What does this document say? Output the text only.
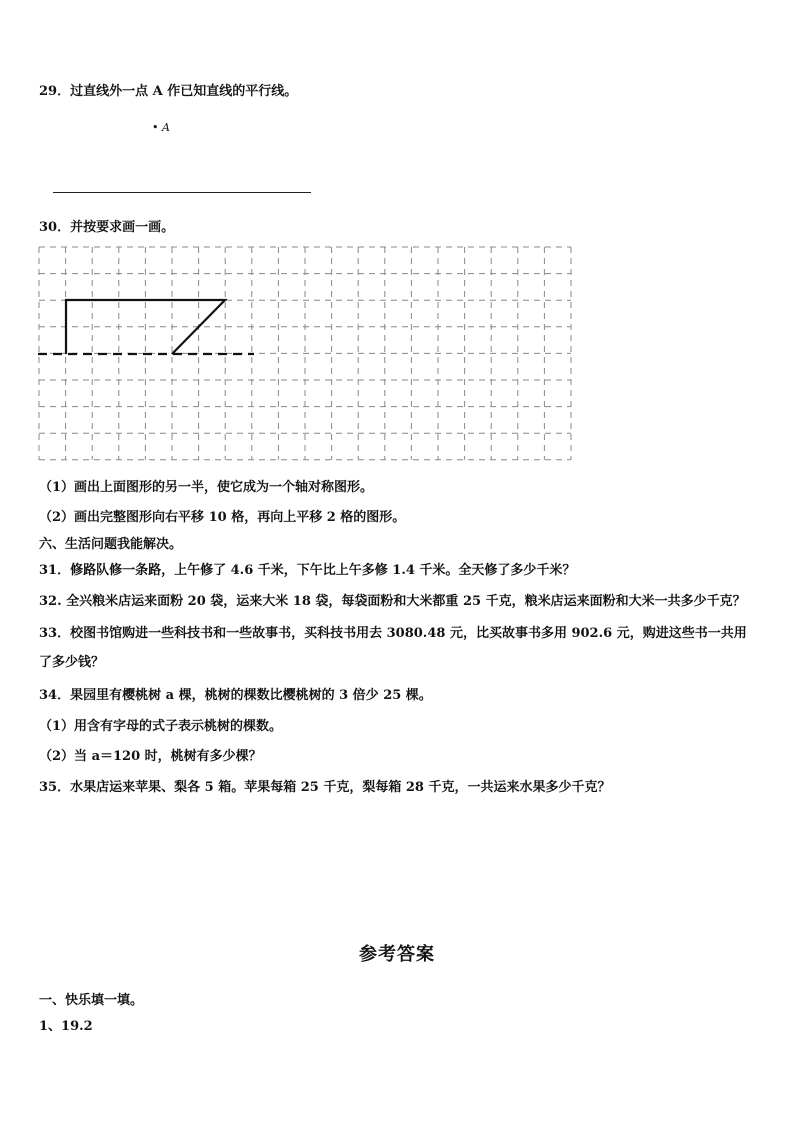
29．过直线外一点 A 作已知直线的平行线。
• A
30．并按要求画一画。
（1）画出上面图形的另一半，使它成为一个轴对称图形。
（2）画出完整图形向右平移 10 格，再向上平移 2 格的图形。
六、生活问题我能解决。
31．修路队修一条路，上午修了 4.6 千米，下午比上午多修 1.4 千米。全天修了多少千米？
32. 全兴粮米店运来面粉 20 袋，运来大米 18 袋，每袋面粉和大米都重 25 千克，粮米店运来面粉和大米一共多少千克？
33．校图书馆购进一些科技书和一些故事书，买科技书用去 3080.48 元，比买故事书多用 902.6 元，购进这些书一共用
了多少钱？
34．果园里有樱桃树 a 棵，桃树的棵数比樱桃树的 3 倍少 25 棵。
（1）用含有字母的式子表示桃树的棵数。
（2）当 a＝120 时，桃树有多少棵？
35．水果店运来苹果、梨各 5 箱。苹果每箱 25 千克，梨每箱 28 千克，一共运来水果多少千克？
参考答案
一、快乐填一填。
1、19.2
